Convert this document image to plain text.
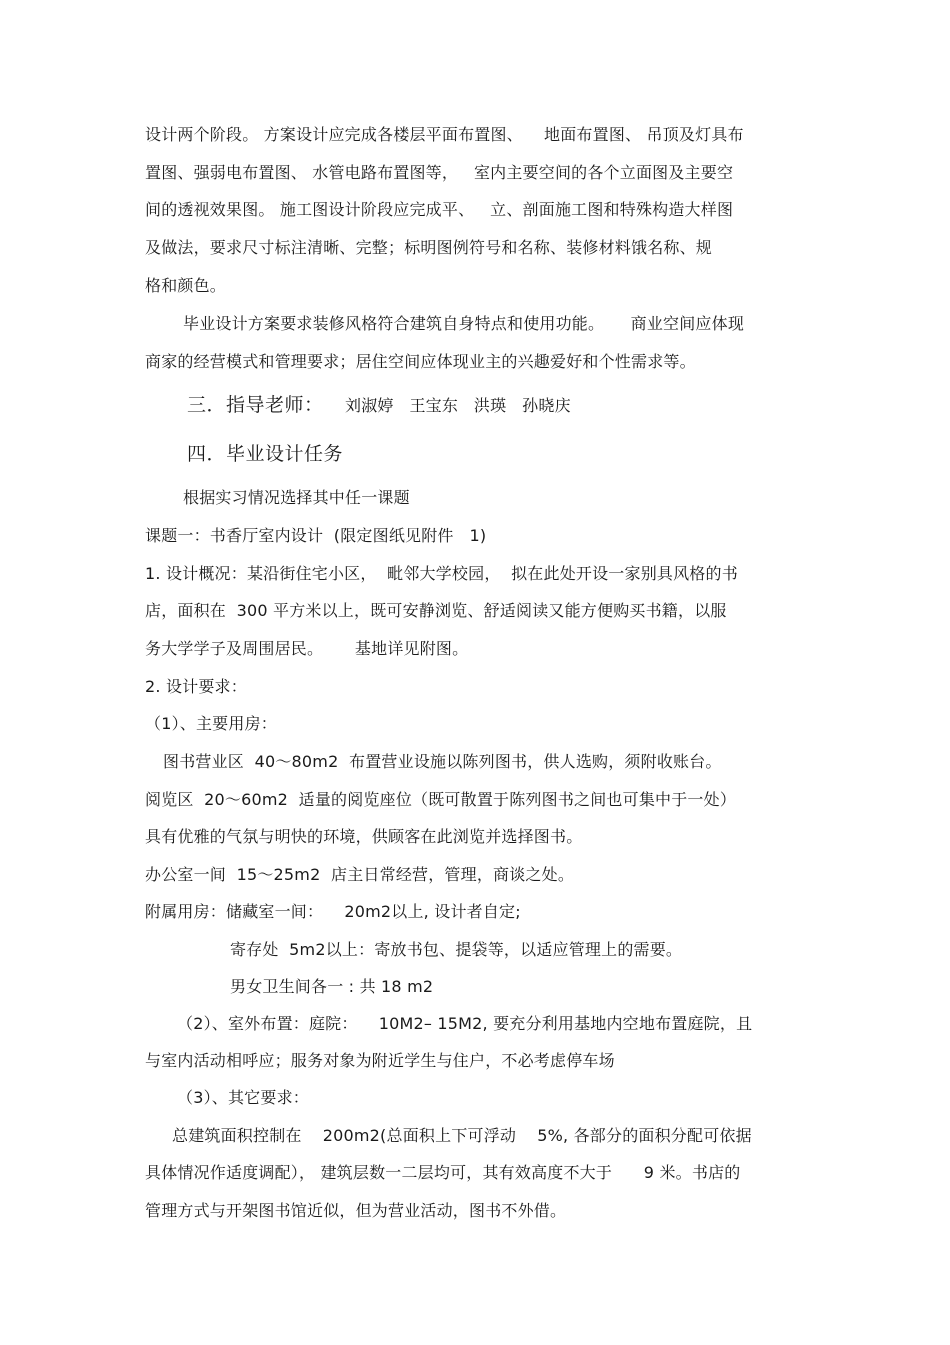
设计两个阶段。 方案设计应完成各楼层平面布置图、    地面布置图、 吊顶及灯具布
置图、强弱电布置图、 水管电路布置图等，   室内主要空间的各个立面图及主要空
间的透视效果图。 施工图设计阶段应完成平、   立、剖面施工图和特殊构造大样图
及做法，要求尺寸标注清晰、完整；标明图例符号和名称、装修材料饿名称、规
格和颜色。
毕业设计方案要求装修风格符合建筑自身特点和使用功能。     商业空间应体现
商家的经营模式和管理要求；居住空间应体现业主的兴趣爱好和个性需求等。
三．指导老师： 刘淑婷   王宝东   洪瑛   孙晓庆
四．毕业设计任务
根据实习情况选择其中任一课题
课题一：书香厅室内设计  (限定图纸见附件   1)
1. 设计概况：某沿街住宅小区，  毗邻大学校园，  拟在此处开设一家别具风格的书
店，面积在  300 平方米以上，既可安静浏览、舒适阅读又能方便购买书籍，以服
务大学学子及周围居民。      基地详见附图。
2. 设计要求：
（1）、主要用房：
图书营业区  40～80m2  布置营业设施以陈列图书，供人选购，须附收账台。
阅览区  20～60m2  适量的阅览座位（既可散置于陈列图书之间也可集中于一处）
具有优雅的气氛与明快的环境，供顾客在此浏览并选择图书。
办公室一间  15～25m2  店主日常经营，管理，商谈之处。
附属用房：储藏室一间：    20m2以上, 设计者自定;
寄存处  5m2以上：寄放书包、提袋等，以适应管理上的需要。
男女卫生间各一 : 共 18 m2
（2）、室外布置：庭院：    10M2– 15M2, 要充分利用基地内空地布置庭院，且
与室内活动相呼应；服务对象为附近学生与住户，不必考虑停车场
（3）、其它要求：
总建筑面积控制在    200m2(总面积上下可浮动    5%, 各部分的面积分配可依据
具体情况作适度调配）， 建筑层数一二层均可，其有效高度不大于      9 米。书店的
管理方式与开架图书馆近似，但为营业活动，图书不外借。
